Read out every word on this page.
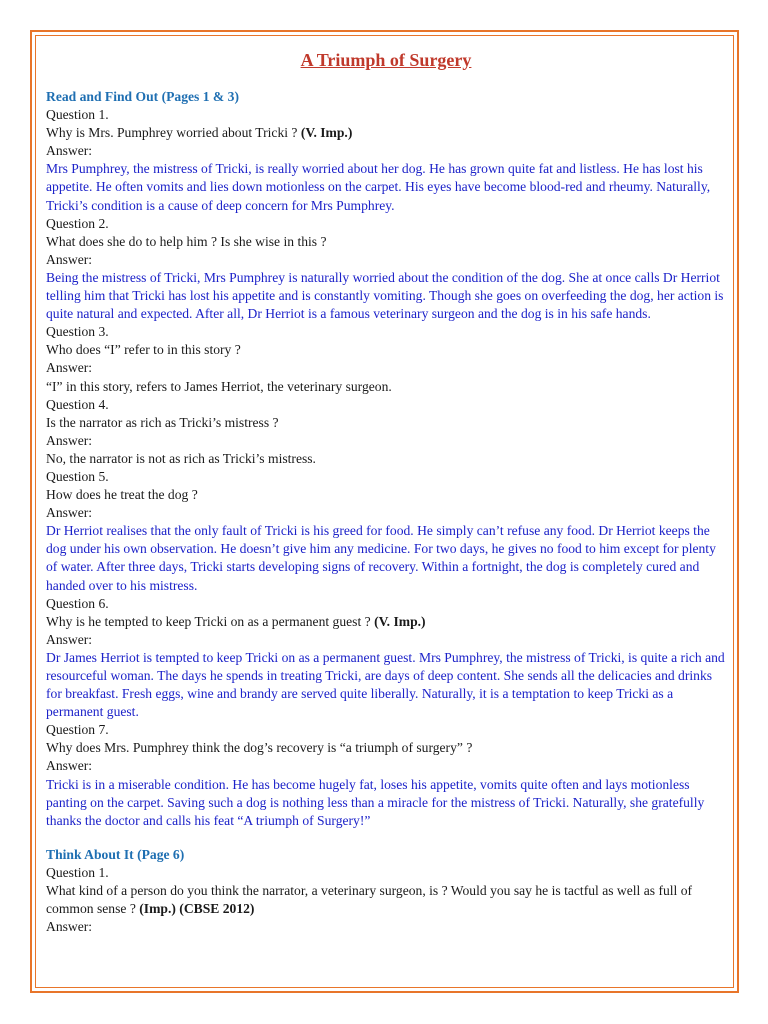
A Triumph of Surgery

Read and Find Out (Pages 1 & 3)

Question 1.

Why is Mrs. Pumphrey worried about Tricki ? (V. Imp.)

Answer:

Mrs Pumphrey, the mistress of Tricki, is really worried about her dog. He has grown quite fat and listless. He has lost his appetite. He often vomits and lies down motionless on the carpet. His eyes have become blood-red and rheumy. Naturally, Tricki’s condition is a cause of deep concern for Mrs Pumphrey.

Question 2.

What does she do to help him ? Is she wise in this ?

Answer:

Being the mistress of Tricki, Mrs Pumphrey is naturally worried about the condition of the dog. She at once calls Dr Herriot telling him that Tricki has lost his appetite and is constantly vomiting. Though she goes on overfeeding the dog, her action is quite natural and expected. After all, Dr Herriot is a famous veterinary surgeon and the dog is in his safe hands.

Question 3.

Who does “I” refer to in this story ?

Answer:

“I” in this story, refers to James Herriot, the veterinary surgeon.

Question 4.

Is the narrator as rich as Tricki’s mistress ?

Answer:

No, the narrator is not as rich as Tricki’s mistress.

Question 5.

How does he treat the dog ?

Answer:

Dr Herriot realises that the only fault of Tricki is his greed for food. He simply can’t refuse any food. Dr Herriot keeps the dog under his own observation. He doesn’t give him any medicine. For two days, he gives no food to him except for plenty of water. After three days, Tricki starts developing signs of recovery. Within a fortnight, the dog is completely cured and handed over to his mistress.

Question 6.

Why is he tempted to keep Tricki on as a permanent guest ? (V. Imp.)

Answer:

Dr James Herriot is tempted to keep Tricki on as a permanent guest. Mrs Pumphrey, the mistress of Tricki, is quite a rich and resourceful woman. The days he spends in treating Tricki, are days of deep content. She sends all the delicacies and drinks for breakfast. Fresh eggs, wine and brandy are served quite liberally. Naturally, it is a temptation to keep Tricki as a permanent guest.

Question 7.

Why does Mrs. Pumphrey think the dog’s recovery is “a triumph of surgery” ?

Answer:

Tricki is in a miserable condition. He has become hugely fat, loses his appetite, vomits quite often and lays motionless panting on the carpet. Saving such a dog is nothing less than a miracle for the mistress of Tricki. Naturally, she gratefully thanks the doctor and calls his feat “A triumph of Surgery!”

Think About It (Page 6)

Question 1.

What kind of a person do you think the narrator, a veterinary surgeon, is ? Would you say he is tactful as well as full of common sense ? (Imp.) (CBSE 2012)

Answer:
